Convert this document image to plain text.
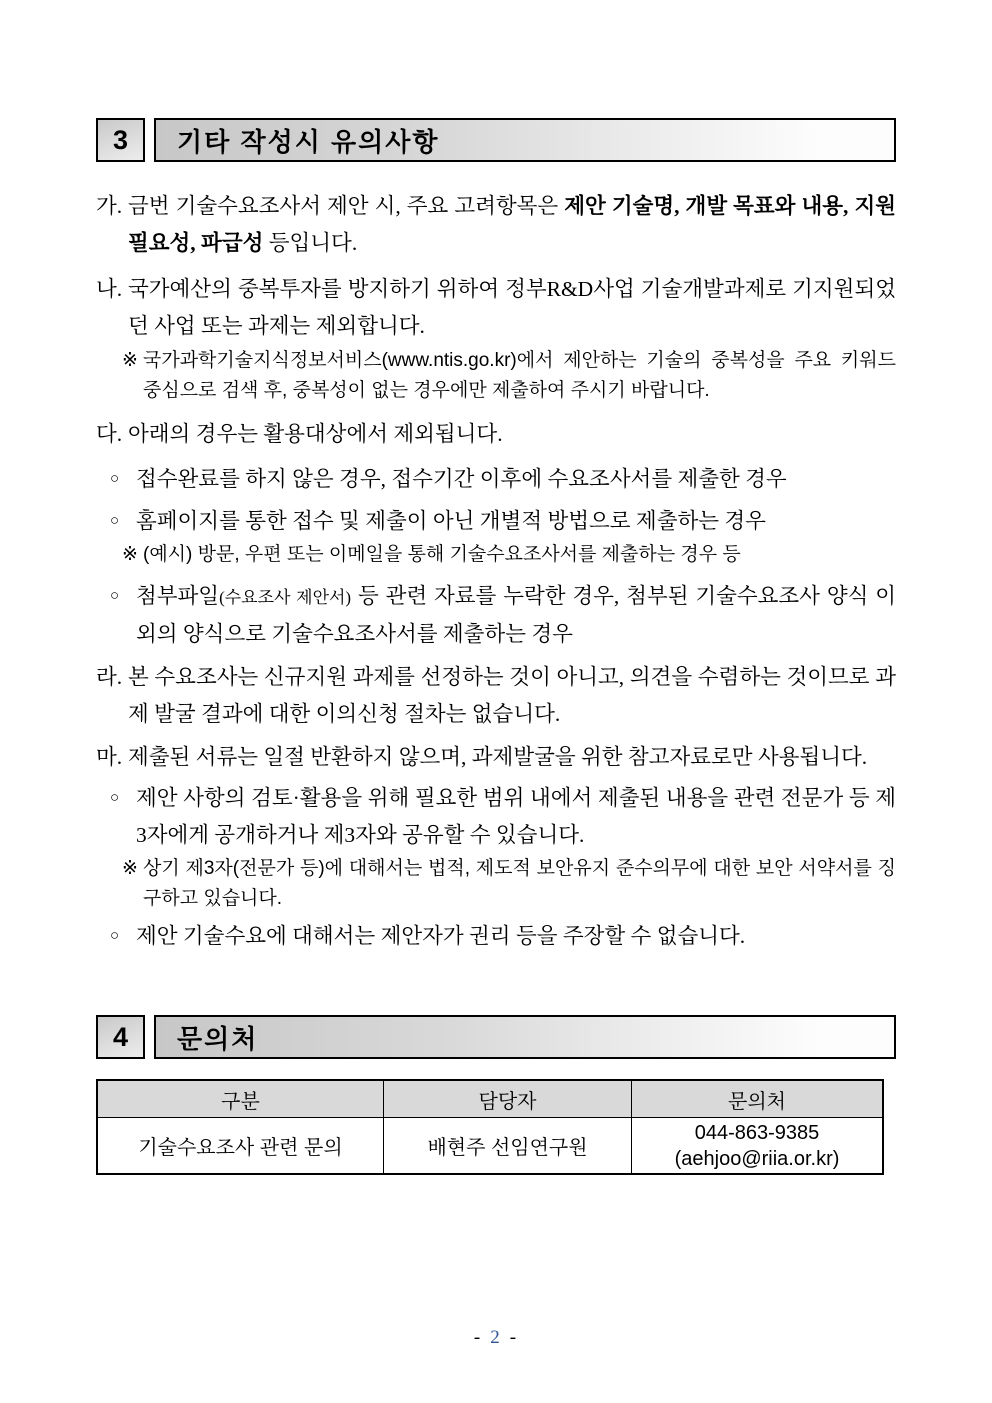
3	기타 작성시 유의사항
가. 금번 기술수요조사서 제안 시, 주요 고려항목은 제안 기술명, 개발 목표와 내용, 지원 필요성, 파급성 등입니다.
나. 국가예산의 중복투자를 방지하기 위하여 정부R&D사업 기술개발과제로 기지원되었던 사업 또는 과제는 제외합니다.
※ 국가과학기술지식정보서비스(www.ntis.go.kr)에서 제안하는 기술의 중복성을 주요 키워드 중심으로 검색 후, 중복성이 없는 경우에만 제출하여 주시기 바랍니다.
다. 아래의 경우는 활용대상에서 제외됩니다.
○ 접수완료를 하지 않은 경우, 접수기간 이후에 수요조사서를 제출한 경우
○ 홈페이지를 통한 접수 및 제출이 아닌 개별적 방법으로 제출하는 경우
※ (예시) 방문, 우편 또는 이메일을 통해 기술수요조사서를 제출하는 경우 등
○ 첨부파일(수요조사 제안서) 등 관련 자료를 누락한 경우, 첨부된 기술수요조사 양식 이외의 양식으로 기술수요조사서를 제출하는 경우
라. 본 수요조사는 신규지원 과제를 선정하는 것이 아니고, 의견을 수렴하는 것이므로 과제 발굴 결과에 대한 이의신청 절차는 없습니다.
마. 제출된 서류는 일절 반환하지 않으며, 과제발굴을 위한 참고자료로만 사용됩니다.
○ 제안 사항의 검토·활용을 위해 필요한 범위 내에서 제출된 내용을 관련 전문가 등 제3자에게 공개하거나 제3자와 공유할 수 있습니다.
※ 상기 제3자(전문가 등)에 대해서는 법적, 제도적 보안유지 준수의무에 대한 보안 서약서를 징구하고 있습니다.
○ 제안 기술수요에 대해서는 제안자가 권리 등을 주장할 수 없습니다.
4	문의처
구분	담당자	문의처
기술수요조사 관련 문의	배현주 선임연구원	044-863-9385
(aehjoo@riia.or.kr)
- 2 -
